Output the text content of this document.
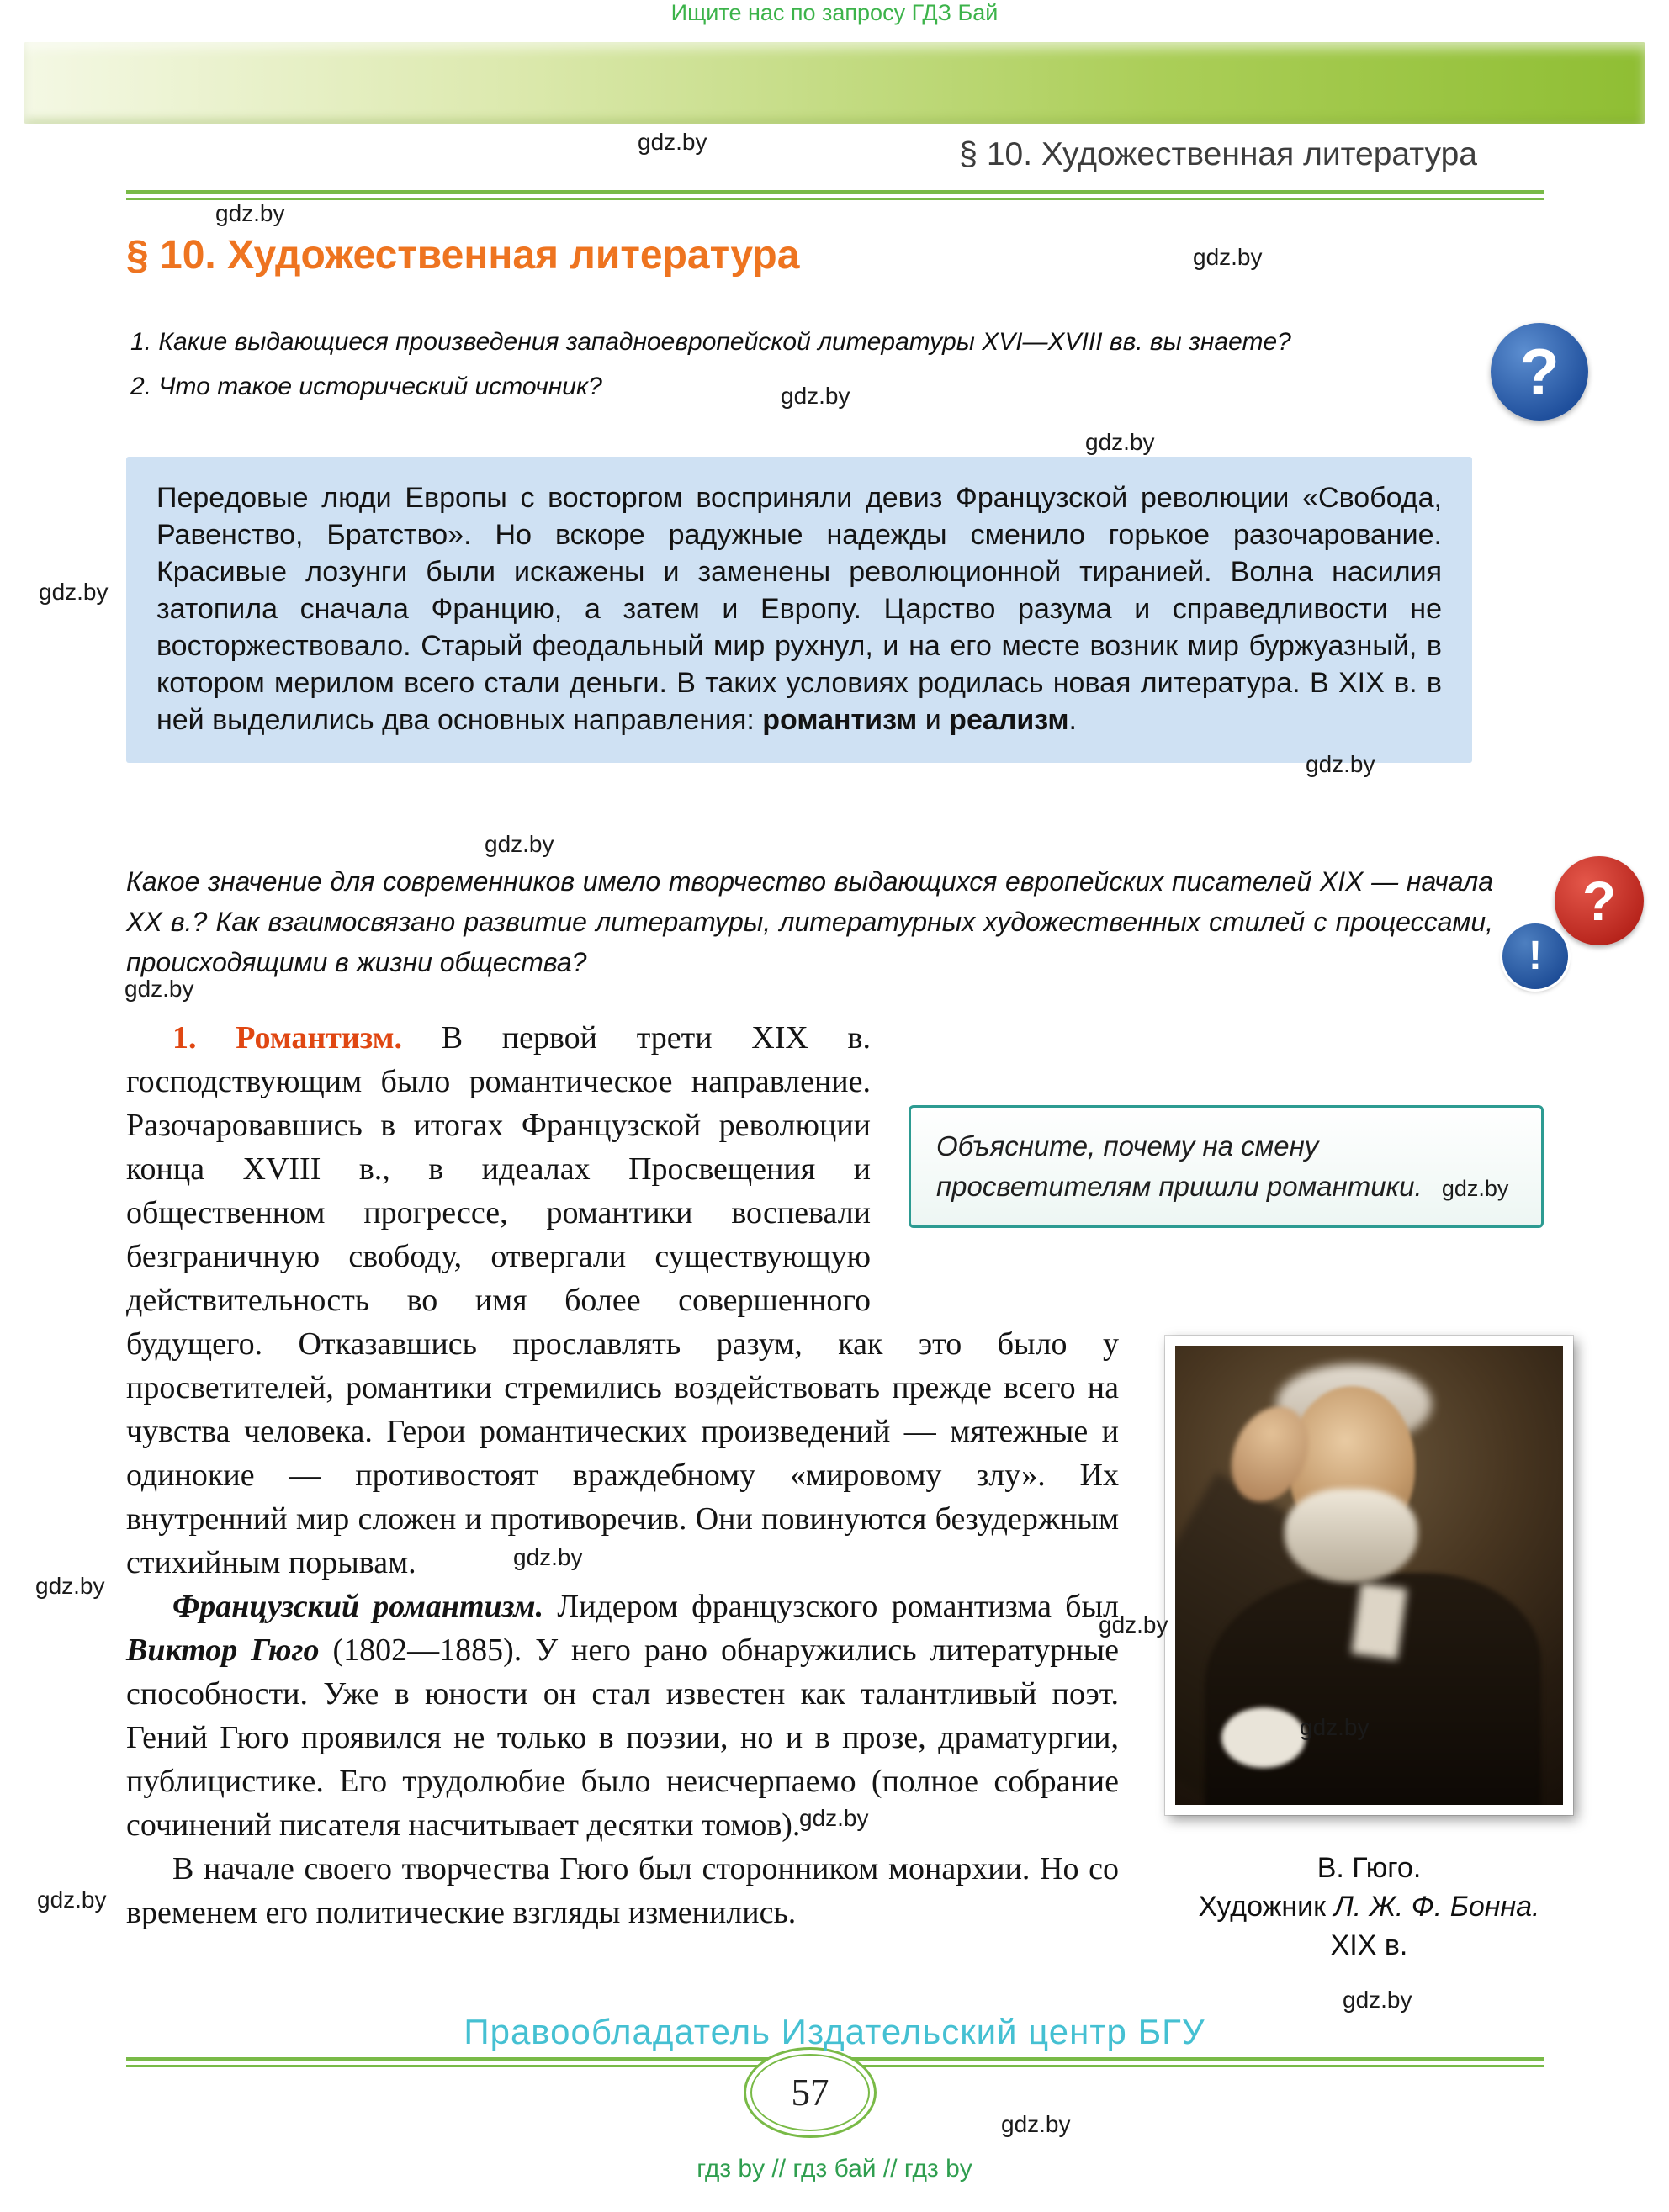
Ищите нас по запросу ГДЗ Бай
§ 10. Художественная литература
§ 10. Художественная литература
1. Какие выдающиеся произведения западноевропейской литературы XVI—XVIII вв. вы знаете?
2. Что такое исторический источник?	?
Передовые люди Европы с восторгом восприняли девиз Французской революции «Свобода, Равенство, Братство». Но вскоре радужные надежды сменило горькое разочарование. Красивые лозунги были искажены и заменены революционной тиранией. Волна насилия затопила сначала Францию, а затем и Европу. Царство разума и справедливости не восторжествовало. Старый феодальный мир рухнул, и на его месте возник мир буржуазный, в котором мерилом всего стали деньги. В таких условиях родилась новая литература. В XIX в. в ней выделились два основных направления: романтизм и реализм.
Какое значение для современников имело творчество выдающихся европейских писателей XIX — начала XX в.? Как взаимосвязано развитие литературы, литературных художественных стилей с процессами, происходящими в жизни общества?
?
!
Объясните, почему на смену просветителям пришли романтики. gdz.by
В. Гюго.
Художник Л. Ж. Ф. Бонна.
XIX в.

1. Романтизм. В первой трети XIX в. господствующим было романтическое направление. Разочаровавшись в итогах Французской революции конца XVIII в., в идеалах Просвещения и общественном прогрессе, романтики воспевали безграничную свободу, отвергали существующую действительность во имя более совершенного будущего. Отказавшись прославлять разум, как это было у просветителей, романтики стремились воздействовать прежде всего на чувства человека. Герои романтических произведений — мятежные и одинокие — противостоят враждебному «мировому злу». Их внутренний мир сложен и противоречив. Они повинуются безудержным стихийным порывам.

Французский романтизм. Лидером французского романтизма был Виктор Гюго (1802—1885). У него рано обнаружились литературные способности. Уже в юности он стал известен как талантливый поэт. Гений Гюго проявился не только в поэзии, но и в прозе, драматургии, публицистике. Его трудолюбие было неисчерпаемо (полное собрание сочинений писателя насчитывает десятки томов).

В начале своего творчества Гюго был сторонником монархии. Но со временем его политические взгляды изменились.

Правообладатель Издательский центр БГУ
57
гдз by // гдз бай // гдз by
gdz.by
gdz.by
gdz.by
gdz.by
gdz.by
gdz.by
gdz.by
gdz.by
gdz.by
gdz.by
gdz.by
gdz.by
gdz.by
gdz.by
gdz.by
gdz.by
gdz.by
